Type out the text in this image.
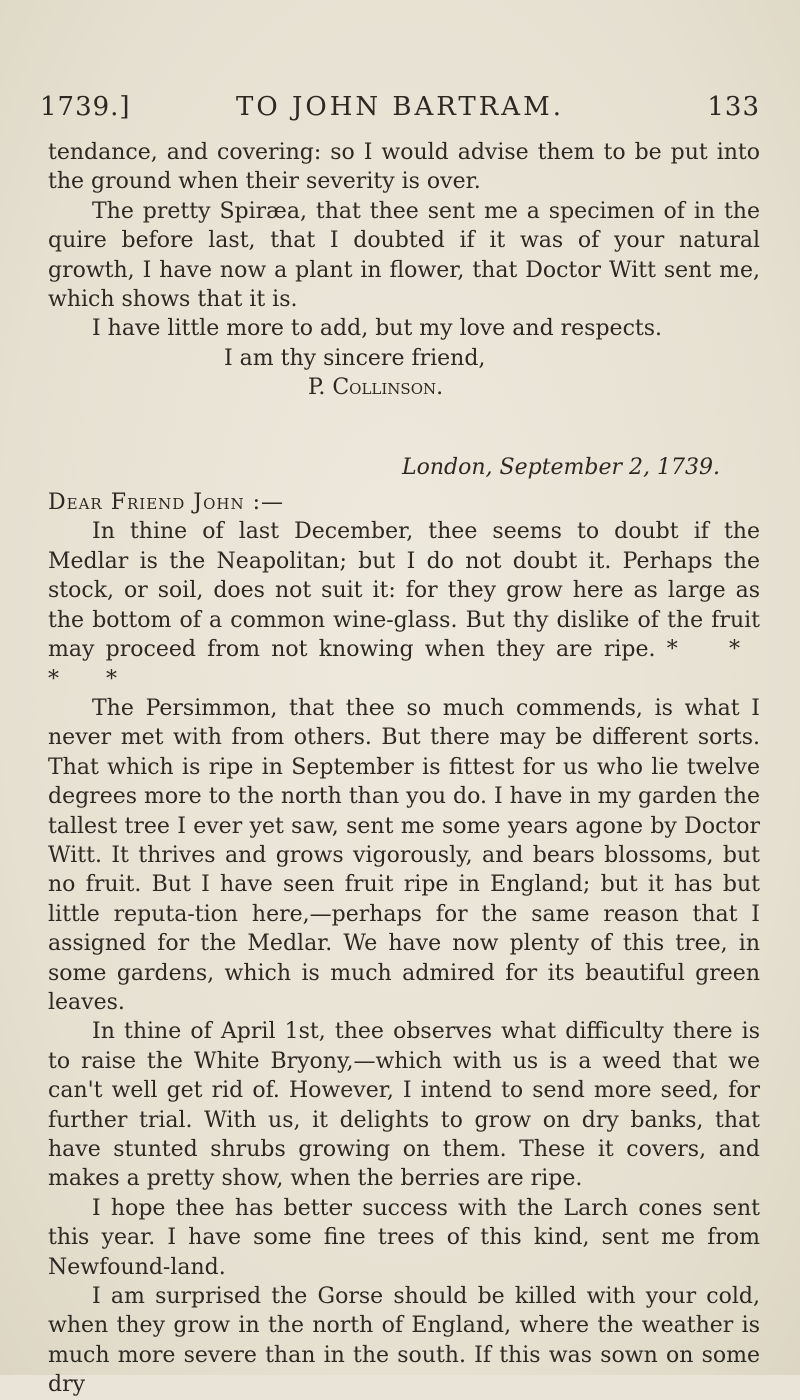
1739.]	TO JOHN BARTRAM.	133

tendance, and covering: so I would advise them to be put into the ground when their severity is over.

The pretty Spiræa, that thee sent me a specimen of in the quire before last, that I doubted if it was of your natural growth, I have now a plant in flower, that Doctor Witt sent me, which shows that it is.

I have little more to add, but my love and respects.

I am thy sincere friend,
P. Collinson.

London, September 2, 1739.
Dear Friend John :—

In thine of last December, thee seems to doubt if the Medlar is the Neapolitan; but I do not doubt it. Perhaps the stock, or soil, does not suit it: for they grow here as large as the bottom of a common wine-glass. But thy dislike of the fruit may proceed from not knowing when they are ripe. * * * *

The Persimmon, that thee so much commends, is what I never met with from others. But there may be different sorts. That which is ripe in September is fittest for us who lie twelve degrees more to the north than you do. I have in my garden the tallest tree I ever yet saw, sent me some years agone by Doctor Witt. It thrives and grows vigorously, and bears blossoms, but no fruit. But I have seen fruit ripe in England; but it has but little reputa-tion here,—perhaps for the same reason that I assigned for the Medlar. We have now plenty of this tree, in some gardens, which is much admired for its beautiful green leaves.

In thine of April 1st, thee observes what difficulty there is to raise the White Bryony,—which with us is a weed that we can't well get rid of. However, I intend to send more seed, for further trial. With us, it delights to grow on dry banks, that have stunted shrubs growing on them. These it covers, and makes a pretty show, when the berries are ripe.

I hope thee has better success with the Larch cones sent this year. I have some fine trees of this kind, sent me from Newfound-land.

I am surprised the Gorse should be killed with your cold, when they grow in the north of England, where the weather is much more severe than in the south. If this was sown on some dry
